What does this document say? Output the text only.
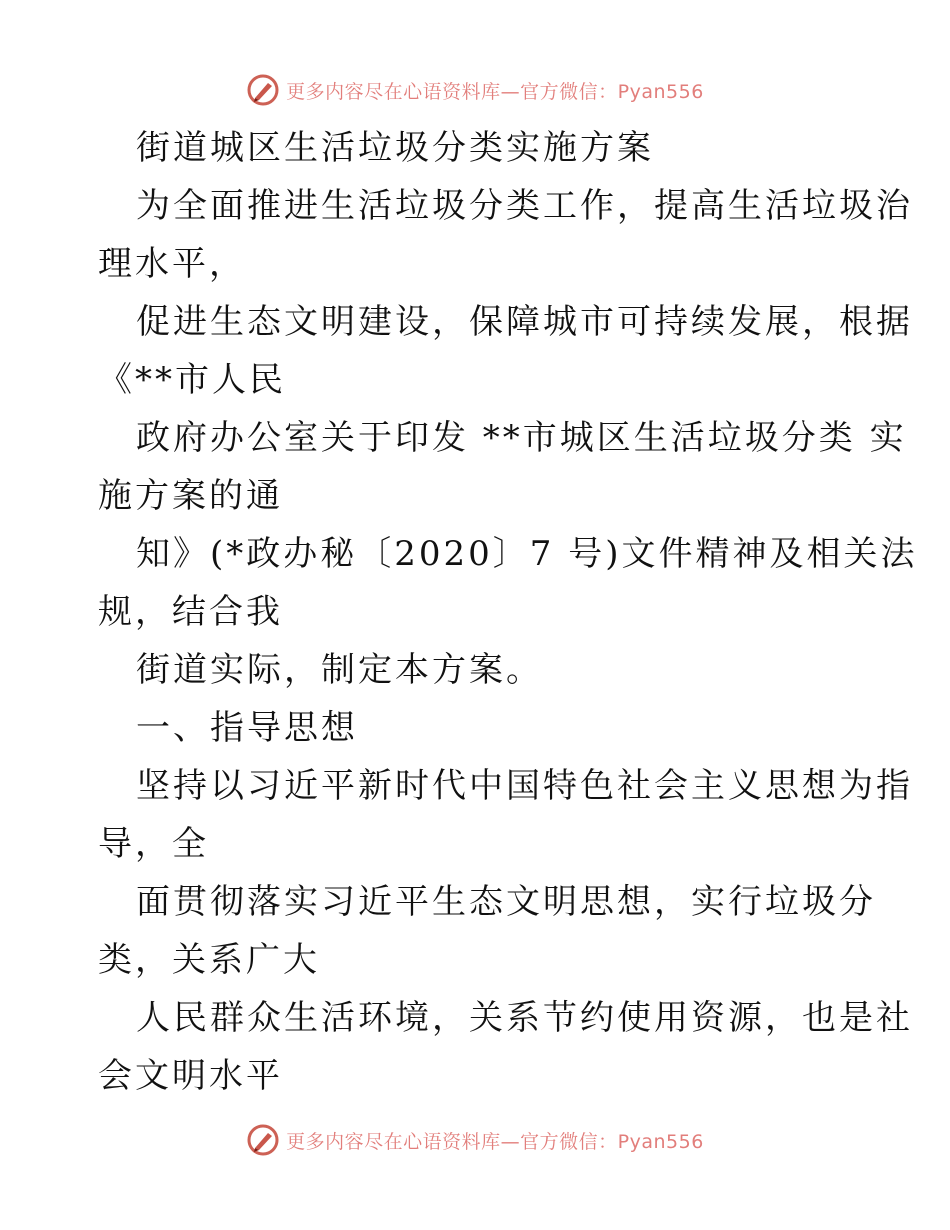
更多内容尽在心语资料库—官方微信：Pyan556
街道城区生活垃圾分类实施方案
为全面推进生活垃圾分类工作，提高生活垃圾治
理水平，
促进生态文明建设，保障城市可持续发展，根据
《**市人民
政府办公室关于印发 **市城区生活垃圾分类 实
施方案的通
知》(*政办秘〔2020〕7 号)文件精神及相关法
规，结合我
街道实际，制定本方案。
一、指导思想
坚持以习近平新时代中国特色社会主义思想为指
导，全
面贯彻落实习近平生态文明思想，实行垃圾分
类，关系广大
人民群众生活环境，关系节约使用资源，也是社
会文明水平
更多内容尽在心语资料库—官方微信：Pyan556
